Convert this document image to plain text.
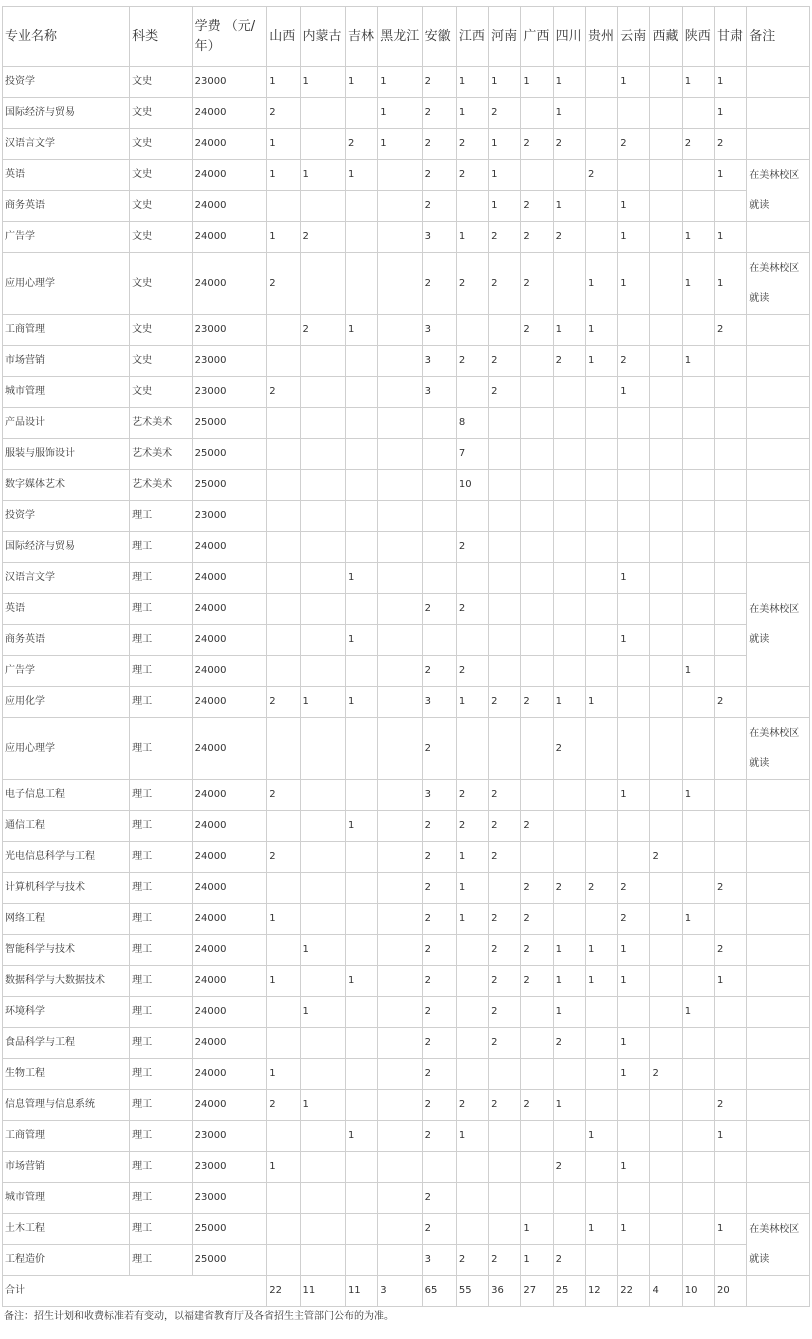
专业名称	科类	学费 （元/年）	山西	内蒙古	吉林	黑龙江	安徽	江西	河南	广西	四川	贵州	云南	西藏	陕西	甘肃	备注
投资学	文史	23000	1	1	1	1	2	1	1	1	1		1		1	1	
国际经济与贸易	文史	24000	2			1	2	1	2		1					1	
汉语言文学	文史	24000	1		2	1	2	2	1	2	2		2		2	2	
英语	文史	24000	1	1	1		2	2	1			2				1	在美林校区就读
商务英语	文史	24000					2		1	2	1		1				
广告学	文史	24000	1	2			3	1	2	2	2		1		1	1	
应用心理学	文史	24000	2				2	2	2	2		1	1		1	1	在美林校区就读
工商管理	文史	23000		2	1		3			2	1	1				2	
市场营销	文史	23000					3	2	2		2	1	2		1		
城市管理	文史	23000	2				3		2				1				
产品设计	艺术美术	25000						8									
服装与服饰设计	艺术美术	25000						7									
数字媒体艺术	艺术美术	25000						10									
投资学	理工	23000															
国际经济与贸易	理工	24000						2									
汉语言文学	理工	24000			1								1				在美林校区就读
英语	理工	24000					2	2									
商务英语	理工	24000			1								1				
广告学	理工	24000					2	2							1		
应用化学	理工	24000	2	1	1		3	1	2	2	1	1				2	
应用心理学	理工	24000					2				2						在美林校区就读
电子信息工程	理工	24000	2				3	2	2				1		1		
通信工程	理工	24000			1		2	2	2	2							
光电信息科学与工程	理工	24000	2				2	1	2					2			
计算机科学与技术	理工	24000					2	1		2	2	2	2			2	
网络工程	理工	24000	1				2	1	2	2			2		1		
智能科学与技术	理工	24000		1			2		2	2	1	1	1			2	
数据科学与大数据技术	理工	24000	1		1		2		2	2	1	1	1			1	
环境科学	理工	24000		1			2		2		1				1		
食品科学与工程	理工	24000					2		2		2		1				
生物工程	理工	24000	1				2						1	2			
信息管理与信息系统	理工	24000	2	1			2	2	2	2	1					2	
工商管理	理工	23000			1		2	1				1				1	
市场营销	理工	23000	1								2		1				
城市管理	理工	23000					2										
土木工程	理工	25000					2			1		1	1			1	在美林校区就读
工程造价	理工	25000					3	2	2	1	2						
合计			22	11	11	3	65	55	36	27	25	12	22	4	10	20	
备注：招生计划和收费标准若有变动，以福建省教育厅及各省招生主管部门公布的为准。
